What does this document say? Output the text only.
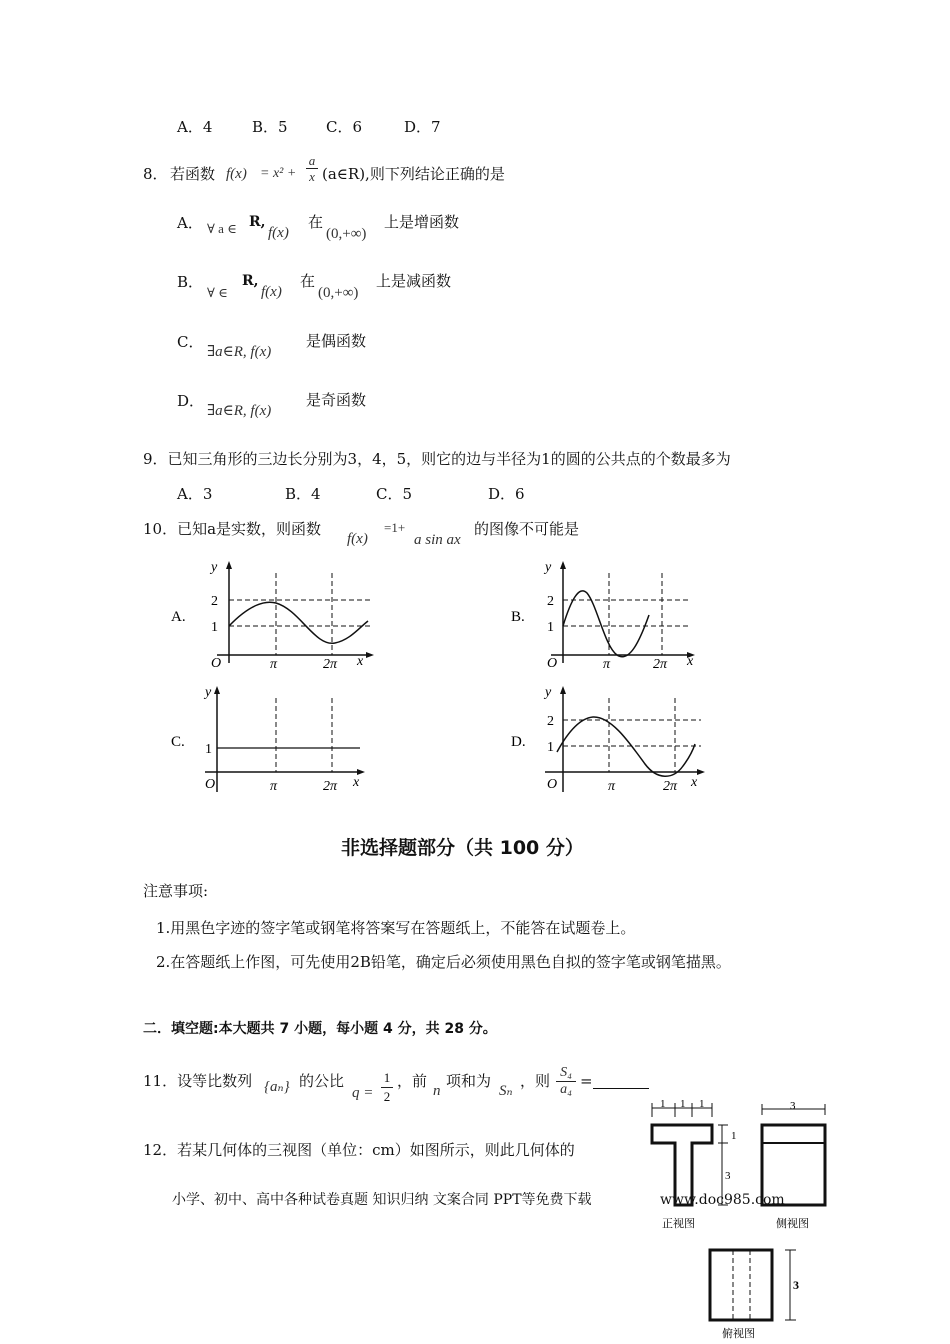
A．4	B．5	C．6	D．7
8． 若函数 f(x) = x² +
a
x (a∈R),则下列结论正确的是
A． ∀ a ∈ R,
f(x)
在
(0,+∞)
上是增函数
B．
∀ ∈
R,
f(x)
在
(0,+∞)
上是减函数
C．
∃a∈R, f(x)
是偶函数
D．
∃a∈R, f(x)
是奇函数
9．已知三角形的三边长分别为3，4，5，则它的边与半径为1的圆的公共点的个数最多为
A．3	B．4	C．5	D．6
10．已知a是实数，则函数
f(x)
=1+
a sin ax
的图像不可能是
A.
y
2
1
O	π	2π x
B.
y
2
1
O	π	2π x
C.
y
1
O	π	2π x
D.
y
2
1
O	π	2π x
非选择题部分（共 100 分）
注意事项:
1.用黑色字迹的签字笔或钢笔将答案写在答题纸上，不能答在试题卷上。
2.在答题纸上作图，可先使用2B铅笔，确定后必须使用黑色自拟的签字笔或钢笔描黑。
二．填空题:本大题共 7 小题，每小题 4 分，共 28 分。
11．设等比数列 {aₙ} 的公比
q =
1
2
，前
n
项和为
Sₙ
，则 S₄
a₄ =
12．若某几何体的三视图（单位：cm）如图所示，则此几何体的
小学、初中、高中各种试卷真题 知识归纳 文案合同 PPT等免费下载	www.doc985.com
1 1 1
1
3
正视图
3
侧视图
3
俯视图
